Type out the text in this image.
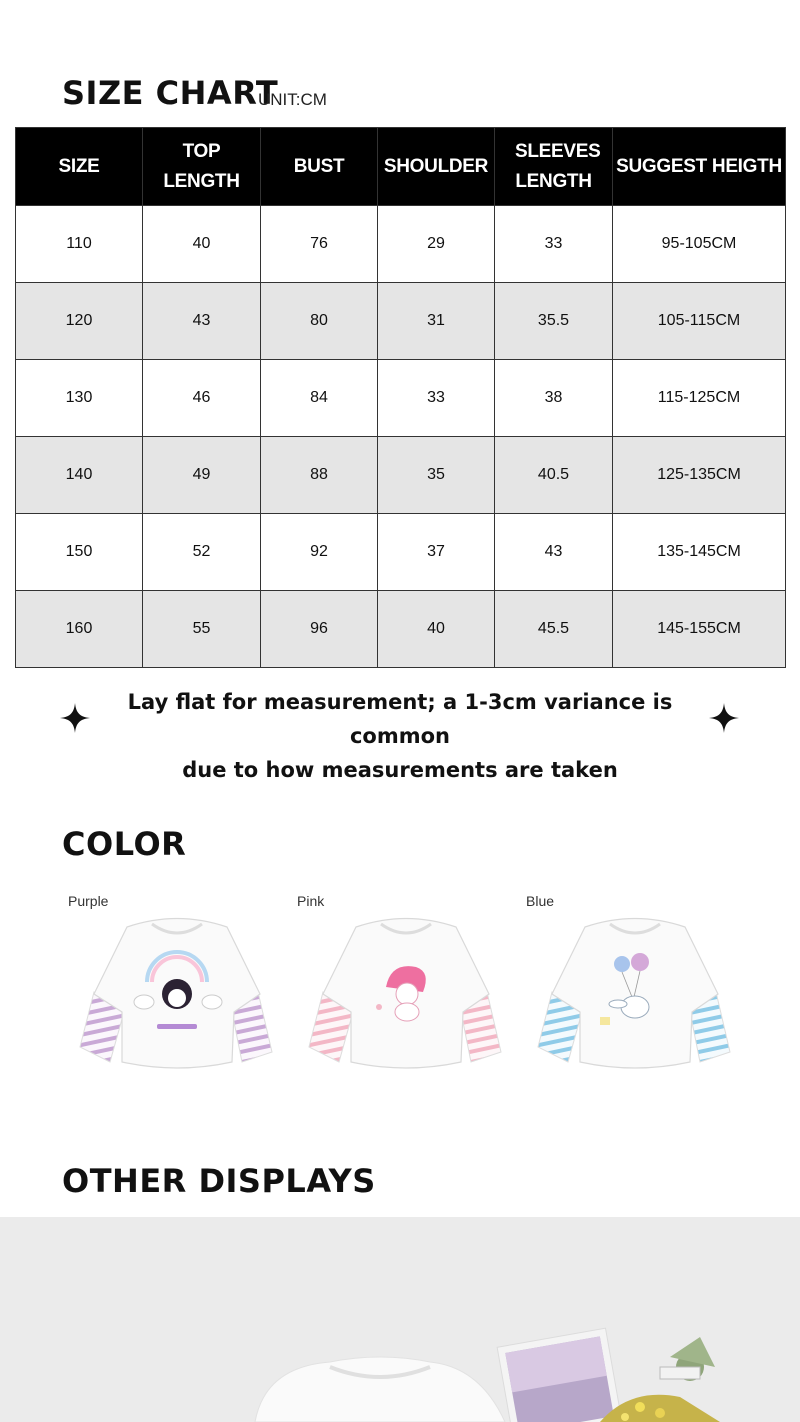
SIZE CHART
UNIT:CM
SIZE	TOP LENGTH	BUST	SHOULDER	SLEEVES LENGTH	SUGGEST HEIGTH
110	40	76	29	33	95-105CM
120	43	80	31	35.5	105-115CM
130	46	84	33	38	115-125CM
140	49	88	35	40.5	125-135CM
150	52	92	37	43	135-145CM
160	55	96	40	45.5	145-155CM
Lay flat for measurement; a 1-3cm variance is common
due to how measurements are taken
COLOR
Purple	Pink	Blue
OTHER DISPLAYS
